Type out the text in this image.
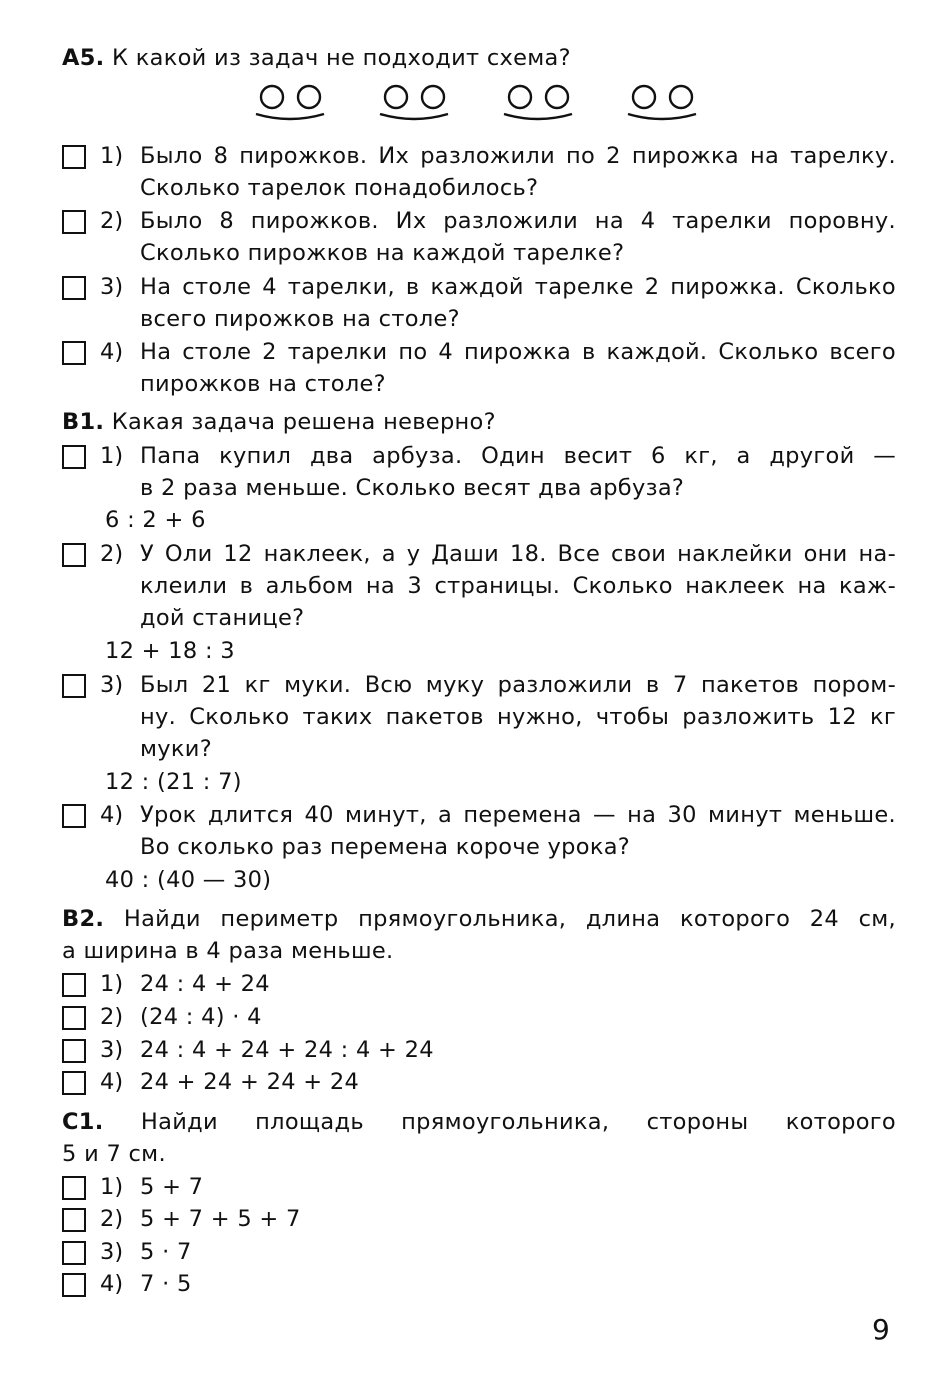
А5. К какой из задач не подходит схема?
1) Было 8 пирожков. Их разложили по 2 пирожка на тарелку.
Сколько тарелок понадобилось?
2) Было 8 пирожков. Их разложили на 4 тарелки поровну.
Сколько пирожков на каждой тарелке?
3) На столе 4 тарелки, в каждой тарелке 2 пирожка. Сколько
всего пирожков на столе?
4) На столе 2 тарелки по 4 пирожка в каждой. Сколько всего
пирожков на столе?
В1. Какая задача решена неверно?
1) Папа купил два арбуза. Один весит 6 кг, а другой —
в 2 раза меньше. Сколько весят два арбуза?
6 : 2 + 6
2) У Оли 12 наклеек, а у Даши 18. Все свои наклейки они на-
клеили в альбом на 3 страницы. Сколько наклеек на каж-
дой станице?
12 + 18 : 3
3) Был 21 кг муки. Всю муку разложили в 7 пакетов пором-
ну. Сколько таких пакетов нужно, чтобы разложить 12 кг
муки?
12 : (21 : 7)
4) Урок длится 40 минут, а перемена — на 30 минут меньше.
Во сколько раз перемена короче урока?
40 : (40 — 30)
В2. Найди периметр прямоугольника, длина которого 24 см,
а ширина в 4 раза меньше.
1) 24 : 4 + 24
2) (24 : 4) · 4
3) 24 : 4 + 24 + 24 : 4 + 24
4) 24 + 24 + 24 + 24
С1. Найди площадь прямоугольника, стороны которого
5 и 7 см.
1) 5 + 7
2) 5 + 7 + 5 + 7
3) 5 · 7
4) 7 · 5
9
